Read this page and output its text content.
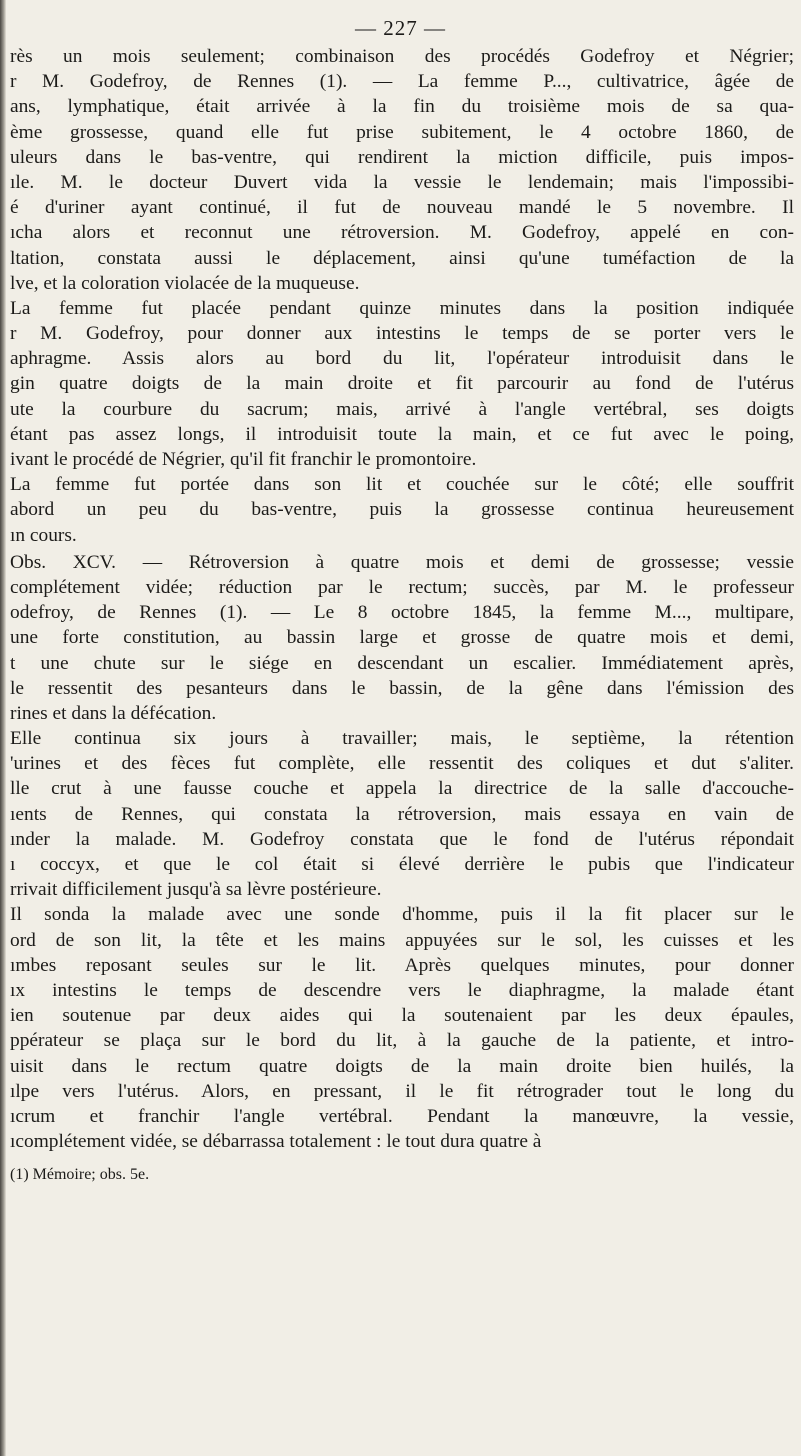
— 227 —
rès un mois seulement; combinaison des procédés Godefroy et Négrier;
r M. Godefroy, de Rennes (1). — La femme P..., cultivatrice, âgée de
ans, lymphatique, était arrivée à la fin du troisième mois de sa qua-
ème grossesse, quand elle fut prise subitement, le 4 octobre 1860, de
uleurs dans le bas-ventre, qui rendirent la miction difficile, puis impos-
ıle. M. le docteur Duvert vida la vessie le lendemain; mais l'impossibi-
é d'uriner ayant continué, il fut de nouveau mandé le 5 novembre. Il
ıcha alors et reconnut une rétroversion. M. Godefroy, appelé en con-
ltation, constata aussi le déplacement, ainsi qu'une tuméfaction de la
lve, et la coloration violacée de la muqueuse.
La femme fut placée pendant quinze minutes dans la position indiquée
r M. Godefroy, pour donner aux intestins le temps de se porter vers le
aphragme. Assis alors au bord du lit, l'opérateur introduisit dans le
gin quatre doigts de la main droite et fit parcourir au fond de l'utérus
ute la courbure du sacrum; mais, arrivé à l'angle vertébral, ses doigts
étant pas assez longs, il introduisit toute la main, et ce fut avec le poing,
ivant le procédé de Négrier, qu'il fit franchir le promontoire.
La femme fut portée dans son lit et couchée sur le côté; elle souffrit
abord un peu du bas-ventre, puis la grossesse continua heureusement
ın cours.
Obs. XCV. — Rétroversion à quatre mois et demi de grossesse; vessie
complétement vidée; réduction par le rectum; succès, par M. le professeur
odefroy, de Rennes (1). — Le 8 octobre 1845, la femme M..., multipare,
une forte constitution, au bassin large et grosse de quatre mois et demi,
t une chute sur le siége en descendant un escalier. Immédiatement après,
le ressentit des pesanteurs dans le bassin, de la gêne dans l'émission des
rines et dans la défécation.
Elle continua six jours à travailler; mais, le septième, la rétention
'urines et des fèces fut complète, elle ressentit des coliques et dut s'aliter.
lle crut à une fausse couche et appela la directrice de la salle d'accouche-
ıents de Rennes, qui constata la rétroversion, mais essaya en vain de
ınder la malade. M. Godefroy constata que le fond de l'utérus répondait
ı coccyx, et que le col était si élevé derrière le pubis que l'indicateur
rrivait difficilement jusqu'à sa lèvre postérieure.
Il sonda la malade avec une sonde d'homme, puis il la fit placer sur le
ord de son lit, la tête et les mains appuyées sur le sol, les cuisses et les
ımbes reposant seules sur le lit. Après quelques minutes, pour donner
ıx intestins le temps de descendre vers le diaphragme, la malade étant
ien soutenue par deux aides qui la soutenaient par les deux épaules,
ppérateur se plaça sur le bord du lit, à la gauche de la patiente, et intro-
uisit dans le rectum quatre doigts de la main droite bien huilés, la
ılpe vers l'utérus. Alors, en pressant, il le fit rétrograder tout le long du
ıcrum et franchir l'angle vertébral. Pendant la manœuvre, la vessie,
ıcomplétement vidée, se débarrassa totalement : le tout dura quatre à
(1) Mémoire; obs. 5e.
